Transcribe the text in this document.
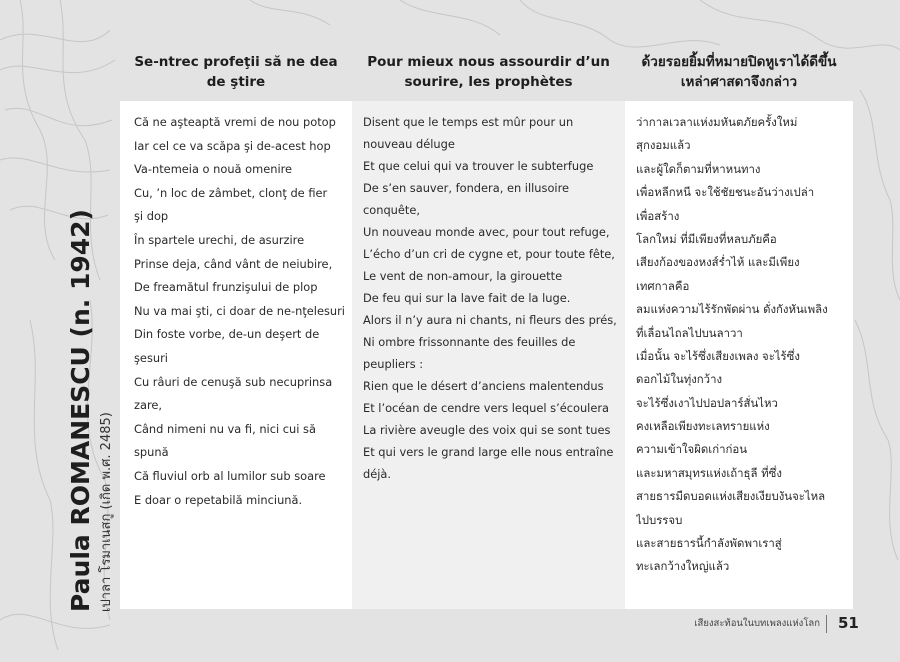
Paula ROMANESCU (n. 1942) เปาลา โรมาเนสกู (เกิด พ.ศ. 2485)
Se-ntrec profeţii să ne dea
de ştire
Pour mieux nous assourdir d’un
sourire, les prophètes
ด้วยรอยยิ้มที่หมายปิดหูเราได้ดีขึ้น
เหล่าศาสดาจึงกล่าว
Că ne aşteaptă vremi de nou potop
Iar cel ce va scăpa şi de-acest hop
Va-ntemeia o nouă omenire
Cu, ’n loc de zâmbet, clonţ de fier
şi dop
În spartele urechi, de asurzire
Prinse deja, când vânt de neiubire,
De freamătul frunzişului de plop
Nu va mai şti, ci doar de ne-nţelesuri
Din foste vorbe, de-un deşert de
şesuri
Cu râuri de cenuşă sub necuprinsa
zare,
Când nimeni nu va fi, nici cui să
spună
Că fluviul orb al lumilor sub soare
E doar o repetabilă minciună.
Disent que le temps est mûr pour un
nouveau déluge
Et que celui qui va trouver le subterfuge
De s’en sauver, fondera, en illusoire
conquête,
Un nouveau monde avec, pour tout refuge,
L’écho d’un cri de cygne et, pour toute fête,
Le vent de non-amour, la girouette
De feu qui sur la lave fait de la luge.
Alors il n’y aura ni chants, ni fleurs des prés,
Ni ombre frissonnante des feuilles de
peupliers :
Rien que le désert d’anciens malentendus
Et l’océan de cendre vers lequel s’écoulera
La rivière aveugle des voix qui se sont tues
Et qui vers le grand large elle nous entraîne
déjà.
ว่ากาลเวลาแห่งมหันตภัยครั้งใหม่
สุกงอมแล้ว
และผู้ใดก็ตามที่หาหนทาง
เพื่อหลีกหนี จะใช้ชัยชนะอันว่างเปล่า
เพื่อสร้าง
โลกใหม่ ที่มีเพียงที่หลบภัยคือ
เสียงก้องของหงส์ร่ำไห้ และมีเพียง
เทศกาลคือ
ลมแห่งความไร้รักพัดผ่าน ดั่งกังหันเพลิง
ที่เลื่อนไถลไปบนลาวา
เมื่อนั้น จะไร้ซึ่งเสียงเพลง จะไร้ซึ่ง
ดอกไม้ในทุ่งกว้าง
จะไร้ซึ่งเงาไปปอปลาร์สั่นไหว
คงเหลือเพียงทะเลทรายแห่ง
ความเข้าใจผิดเก่าก่อน
และมหาสมุทรแห่งเถ้าธุลี ที่ซึ่ง
สายธารมืดบอดแห่งเสียงเงียบงันจะไหล
ไปบรรจบ
และสายธารนี้กำลังพัดพาเราสู่
ทะเลกว้างใหญ่แล้ว
เสียงสะท้อนในบทเพลงแห่งโลก 51
